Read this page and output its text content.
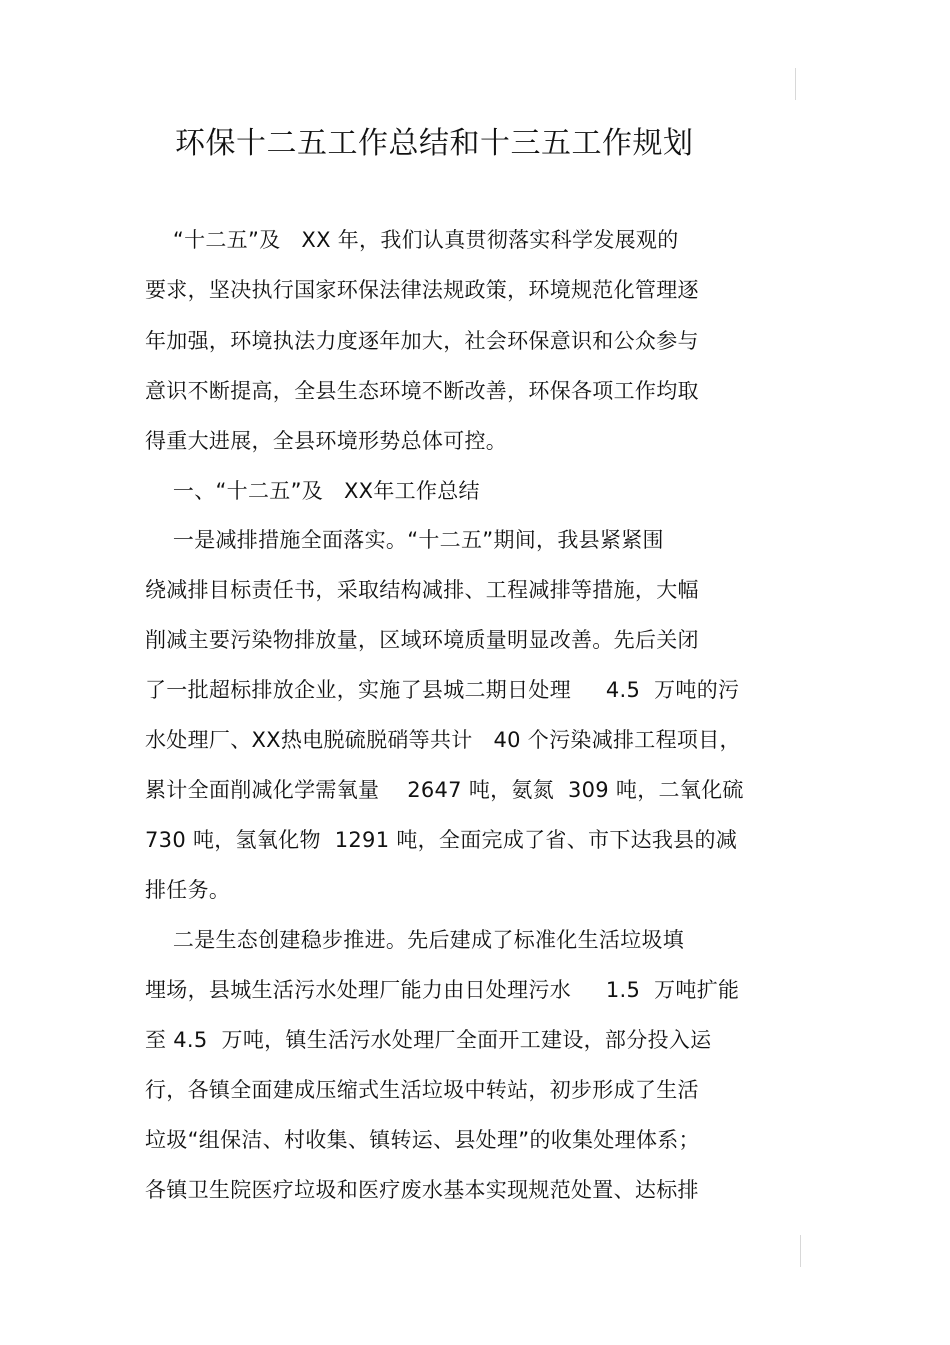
环保十二五工作总结和十三五工作规划

“十二五”及   XX 年，我们认真贯彻落实科学发展观的

要求，坚决执行国家环保法律法规政策，环境规范化管理逐

年加强，环境执法力度逐年加大，社会环保意识和公众参与

意识不断提高，全县生态环境不断改善，环保各项工作均取

得重大进展，全县环境形势总体可控。

一、“十二五”及   XX年工作总结

一是减排措施全面落实。“十二五”期间，我县紧紧围

绕减排目标责任书，采取结构减排、工程减排等措施，大幅

削减主要污染物排放量，区域环境质量明显改善。先后关闭

了一批超标排放企业，实施了县城二期日处理     4.5  万吨的污

水处理厂、XX热电脱硫脱硝等共计   40 个污染减排工程项目，

累计全面削减化学需氧量    2647 吨，氨氮  309 吨，二氧化硫

730 吨，氢氧化物  1291 吨，全面完成了省、市下达我县的减

排任务。

二是生态创建稳步推进。先后建成了标准化生活垃圾填

埋场，县城生活污水处理厂能力由日处理污水     1.5  万吨扩能

至 4.5  万吨，镇生活污水处理厂全面开工建设，部分投入运

行，各镇全面建成压缩式生活垃圾中转站，初步形成了生活

垃圾“组保洁、村收集、镇转运、县处理”的收集处理体系；

各镇卫生院医疗垃圾和医疗废水基本实现规范处置、达标排
